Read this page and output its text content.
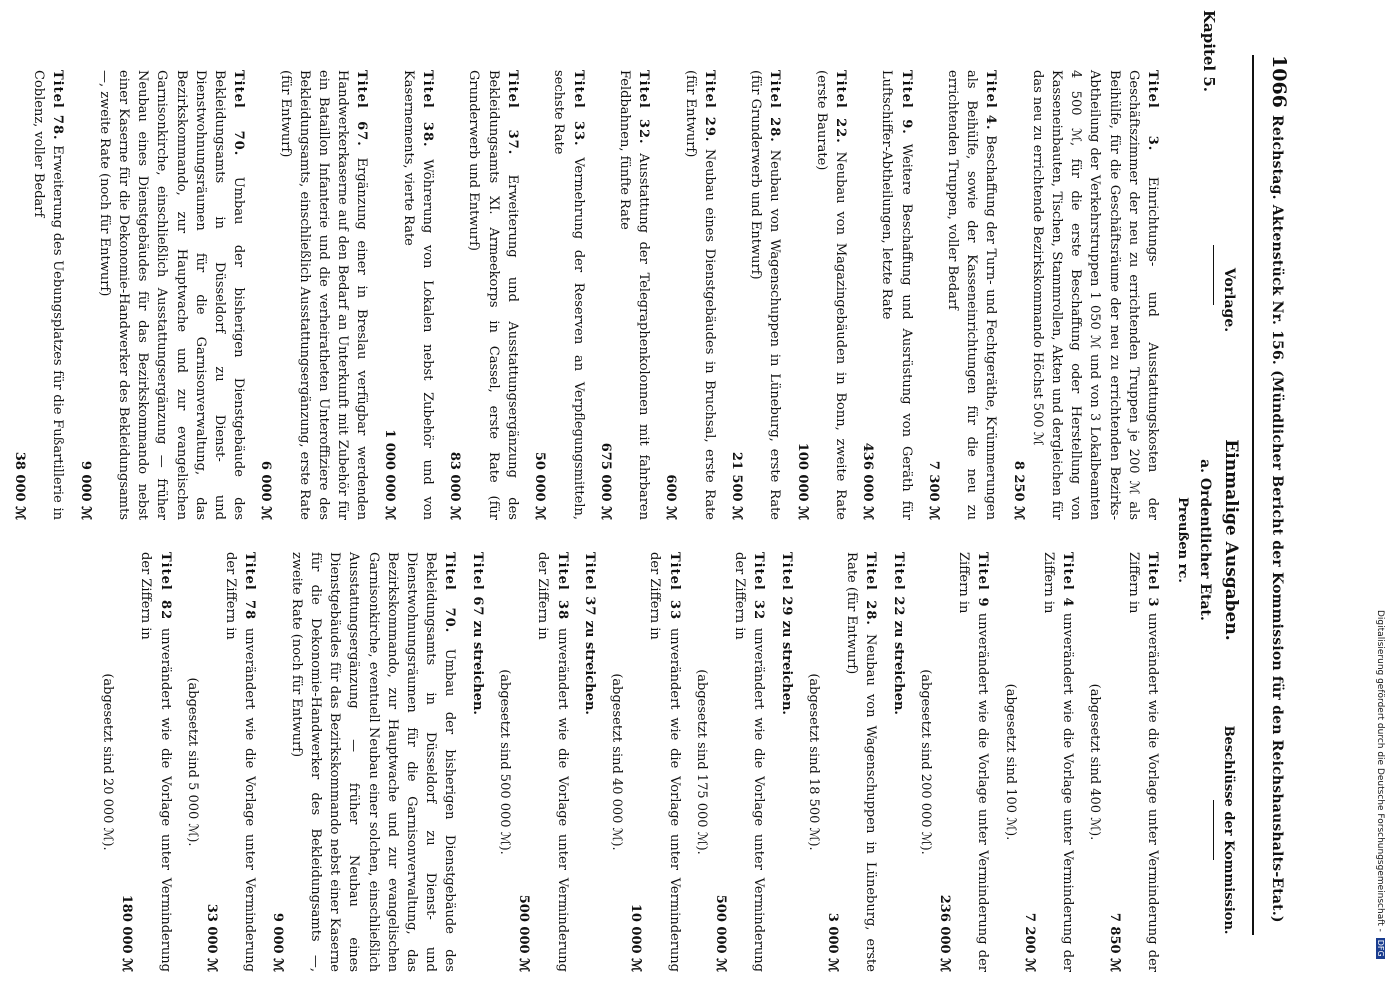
1066
Reichstag. Aktenstück Nr. 156. (Mündlicher Bericht der Kommission für den Reichshaushalts-Etat.)
Kapitel 5.
Vorlage.
Einmalige Ausgaben.
a. Ordentlicher Etat.
Preußen rc.
Beschlüsse der Kommission.
Titel 3. Einrichtungs- und Ausstattungskosten der Geschäftszimmer der neu zu errichtenden Truppen je 200 ℳ als Beihülfe, für die Geschäftsräume der neu zu errichtenden Bezirks-Abtheilung der Verkehrstruppen 1 050 ℳ und von 3 Lokalbeamten 4 500 ℳ, für die erste Beschaffung oder Herstellung von Kasseneinbauten, Tischen, Stammrollen, Akten und dergleichen für das neu zu errichtende Bezirkskommando Höchst 500 ℳ
8 250 ℳ
Titel 4. Beschaffung der Turn- und Fechtgeräthe, Krümmerungen als Beihülfe, sowie der Kasseneinrichtungen für die neu zu errichtenden Truppen, voller Bedarf
7 300 ℳ
Titel 9. Weitere Beschaffung und Ausrüstung von Geräth für Luftschiffer-Abtheilungen, letzte Rate
436 000 ℳ
Titel 22. Neubau von Magazingebäuden in Bonn, zweite Rate (erste Baurate)
100 000 ℳ
Titel 28. Neubau von Wagenschuppen in Lüneburg, erste Rate (für Grunderwerb und Entwurf)
21 500 ℳ
Titel 29. Neubau eines Dienstgebäudes in Bruchsal, erste Rate (für Entwurf)
600 ℳ
Titel 32. Ausstattung der Telegraphenkolonnen mit fahrbaren Feldbahnen, fünfte Rate
675 000 ℳ
Titel 33. Vermehrung der Reserven an Verpflegungsmitteln, sechste Rate
50 000 ℳ
Titel 37. Erweiterung und Ausstattungsergänzung des Bekleidungsamts XI. Armeekorps in Cassel, erste Rate (für Grunderwerb und Entwurf)
83 000 ℳ
Titel 38. Wöhrerung von Lokalen nebst Zubehör und von Kasernements, vierte Rate
1 000 000 ℳ
Titel 67. Ergänzung einer in Breslau verfügbar werdenden Handwerkerkaserne auf den Bedarf an Unterkunft mit Zubehör für ein Bataillon Infanterie und die verheiratheten Unteroffiziere des Bekleidungsamts, einschließlich Ausstattungsergänzung, erste Rate (für Entwurf)
6 000 ℳ
Titel 70. Umbau der bisherigen Dienstgebäude des Bekleidungsamts in Düsseldorf zu Dienst- und Dienstwohnungsräumen für die Garnisonverwaltung, das Bezirkskommando, zur Hauptwache und zur evangelischen Garnisonkirche, einschließlich Ausstattungsergänzung — früher Neubau eines Dienstgebäudes für das Bezirkskommando nebst einer Kaserne für die Dekonomie-Handwerker des Bekleidungsamts —, zweite Rate (noch für Entwurf)
9 000 ℳ
Titel 78. Erweiterung des Uebungsplatzes für die Fußartillerie in Coblenz, voller Bedarf
38 000 ℳ
Titel 3 unverändert wie die Vorlage unter Verminderung der Ziffern in
7 850 ℳ
(abgesetzt sind 400 ℳ).
Titel 4 unverändert wie die Vorlage unter Verminderung der Ziffern in
7 200 ℳ
(abgesetzt sind 100 ℳ).
Titel 9 unverändert wie die Vorlage unter Verminderung der Ziffern in
236 000 ℳ
(abgesetzt sind 200 000 ℳ).
Titel 22 zu streichen.
Titel 28. Neubau von Wagenschuppen in Lüneburg, erste Rate (für Entwurf)
3 000 ℳ
(abgesetzt sind 18 500 ℳ).
Titel 29 zu streichen.
Titel 32 unverändert wie die Vorlage unter Verminderung der Ziffern in
500 000 ℳ
(abgesetzt sind 175 000 ℳ).
Titel 33 unverändert wie die Vorlage unter Verminderung der Ziffern in
10 000 ℳ
(abgesetzt sind 40 000 ℳ).
Titel 37 zu streichen.
Titel 38 unverändert wie die Vorlage unter Verminderung der Ziffern in
500 000 ℳ
(abgesetzt sind 500 000 ℳ).
Titel 67 zu streichen.
Titel 70. Umbau der bisherigen Dienstgebäude des Bekleidungsamts in Düsseldorf zu Dienst- und Dienstwohnungsräumen für die Garnisonverwaltung, das Bezirkskommando, zur Hauptwache und zur evangelischen Garnisonkirche, eventuell Neubau einer solchen, einschließlich Ausstattungsergänzung — früher Neubau eines Dienstgebäudes für das Bezirkskommando nebst einer Kaserne für die Dekonomie-Handwerker des Bekleidungsamts —, zweite Rate (noch für Entwurf)
9 000 ℳ
Titel 78 unverändert wie die Vorlage unter Verminderung der Ziffern in
33 000 ℳ
(abgesetzt sind 5 000 ℳ).
Titel 82 unverändert wie die Vorlage unter Verminderung der Ziffern in
180 000 ℳ
(abgesetzt sind 20 000 ℳ).	Digitalisierung gefördert durch die Deutsche Forschungsgemeinschaft - DFG
